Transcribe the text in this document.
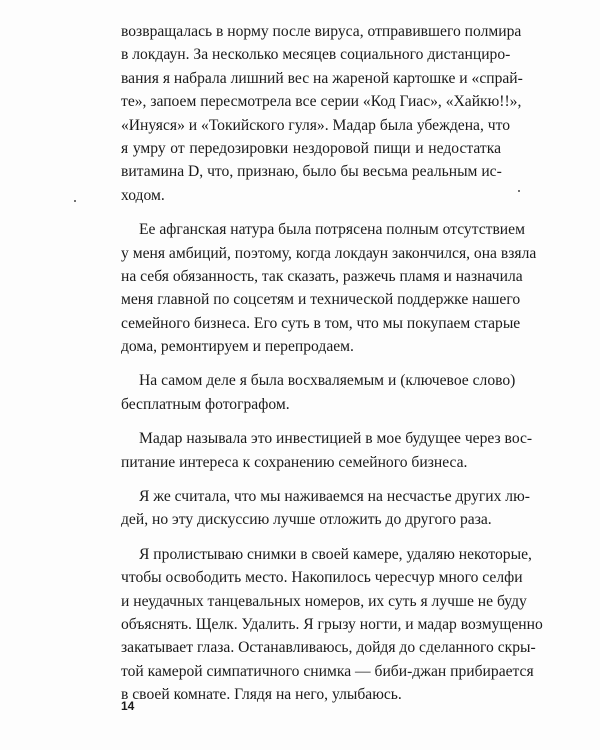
возвращалась в норму после вируса, отправившего полмира
в локдаун. За несколько месяцев социального дистанциро-
вания я набрала лишний вес на жареной картошке и «спрай-
те», запоем пересмотрела все серии «Код Гиас», «Хайкю!!»,
«Инуяся» и «Токийского гуля». Мадар была убеждена, что
я умру от передозировки нездоровой пищи и недостатка
витамина D, что, признаю, было бы весьма реальным ис-
ходом.
Ее афганская натура была потрясена полным отсутствием
у меня амбиций, поэтому, когда локдаун закончился, она взяла
на себя обязанность, так сказать, разжечь пламя и назначила
меня главной по соцсетям и технической поддержке нашего
семейного бизнеса. Его суть в том, что мы покупаем старые
дома, ремонтируем и перепродаем.
На самом деле я была восхваляемым и (ключевое слово)
бесплатным фотографом.
Мадар называла это инвестицией в мое будущее через вос-
питание интереса к сохранению семейного бизнеса.
Я же считала, что мы наживаемся на несчастье других лю-
дей, но эту дискуссию лучше отложить до другого раза.
Я пролистываю снимки в своей камере, удаляю некоторые,
чтобы освободить место. Накопилось чересчур много селфи
и неудачных танцевальных номеров, их суть я лучше не буду
объяснять. Щелк. Удалить. Я грызу ногти, и мадар возмущенно
закатывает глаза. Останавливаюсь, дойдя до сделанного скры-
той камерой симпатичного снимка — биби-джан прибирается
в своей комнате. Глядя на него, улыбаюсь.
14
